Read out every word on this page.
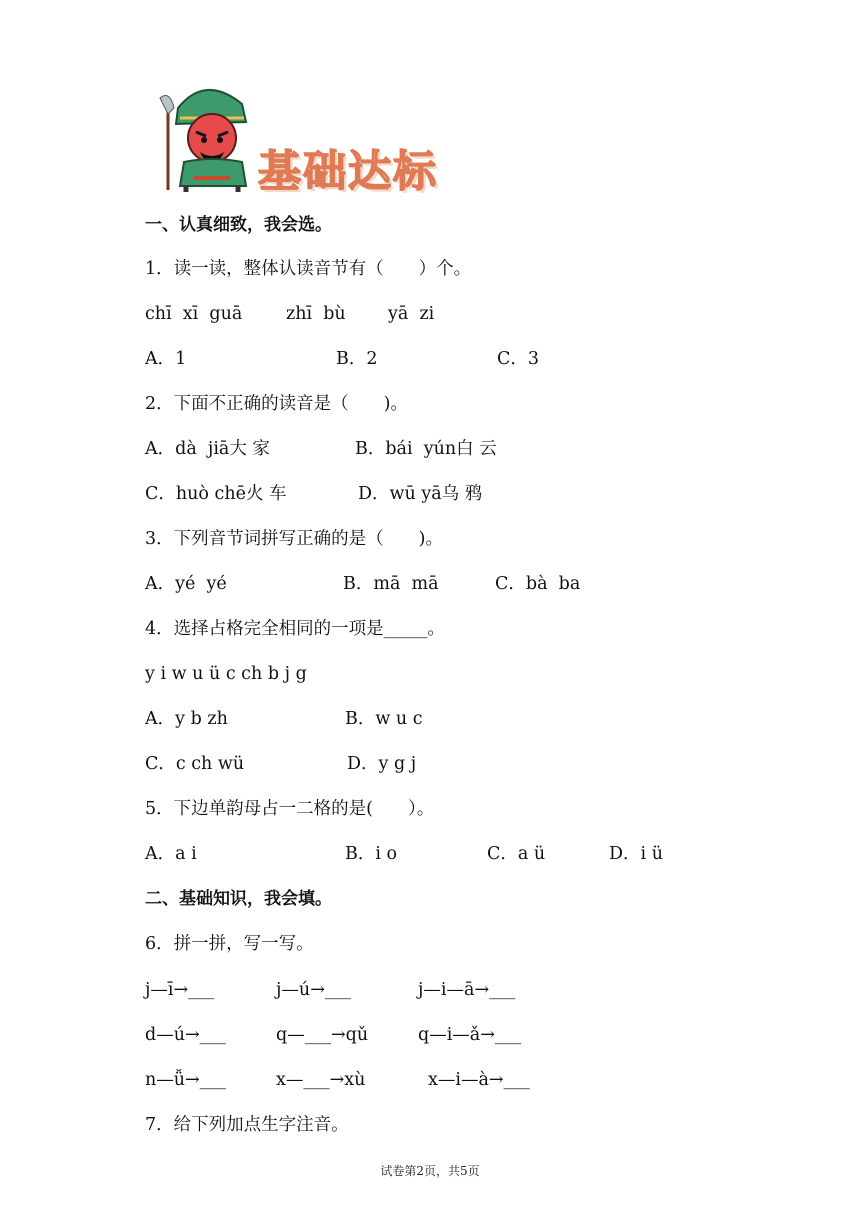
基础达标
一、认真细致，我会选。
1．读一读，整体认读音节有（　　）个。
chī  xī  guā zhī  bù yā  zi
A．1	B．2	C．3
2．下面不正确的读音是（　　)。
A．dà  jiā大 家	B．bái  yún白 云
C．huò chē火 车	D．wū yā乌 鸦
3．下列音节词拼写正确的是（　　)。
A．yé  yé	B．mā  mā	C．bà  ba
4．选择占格完全相同的一项是_____。
y i w u ü c ch b j g
A．y b zh	B．w u c
C．c ch wü	D．y g j
5．下边单韵母占一二格的是(　　）。
A．a i	B．i o	C．a ü	D．i ü
二、基础知识，我会填。
6．拼一拼，写一写。
j—ī→___	j—ú→___	j—i—ā→___
d—ú→___	q—___→qǔ	q—i—ǎ→___
n—ǚ→___	x—___→xù	x—i—à→___
7．给下列加点生字注音。
试卷第2页，共5页
